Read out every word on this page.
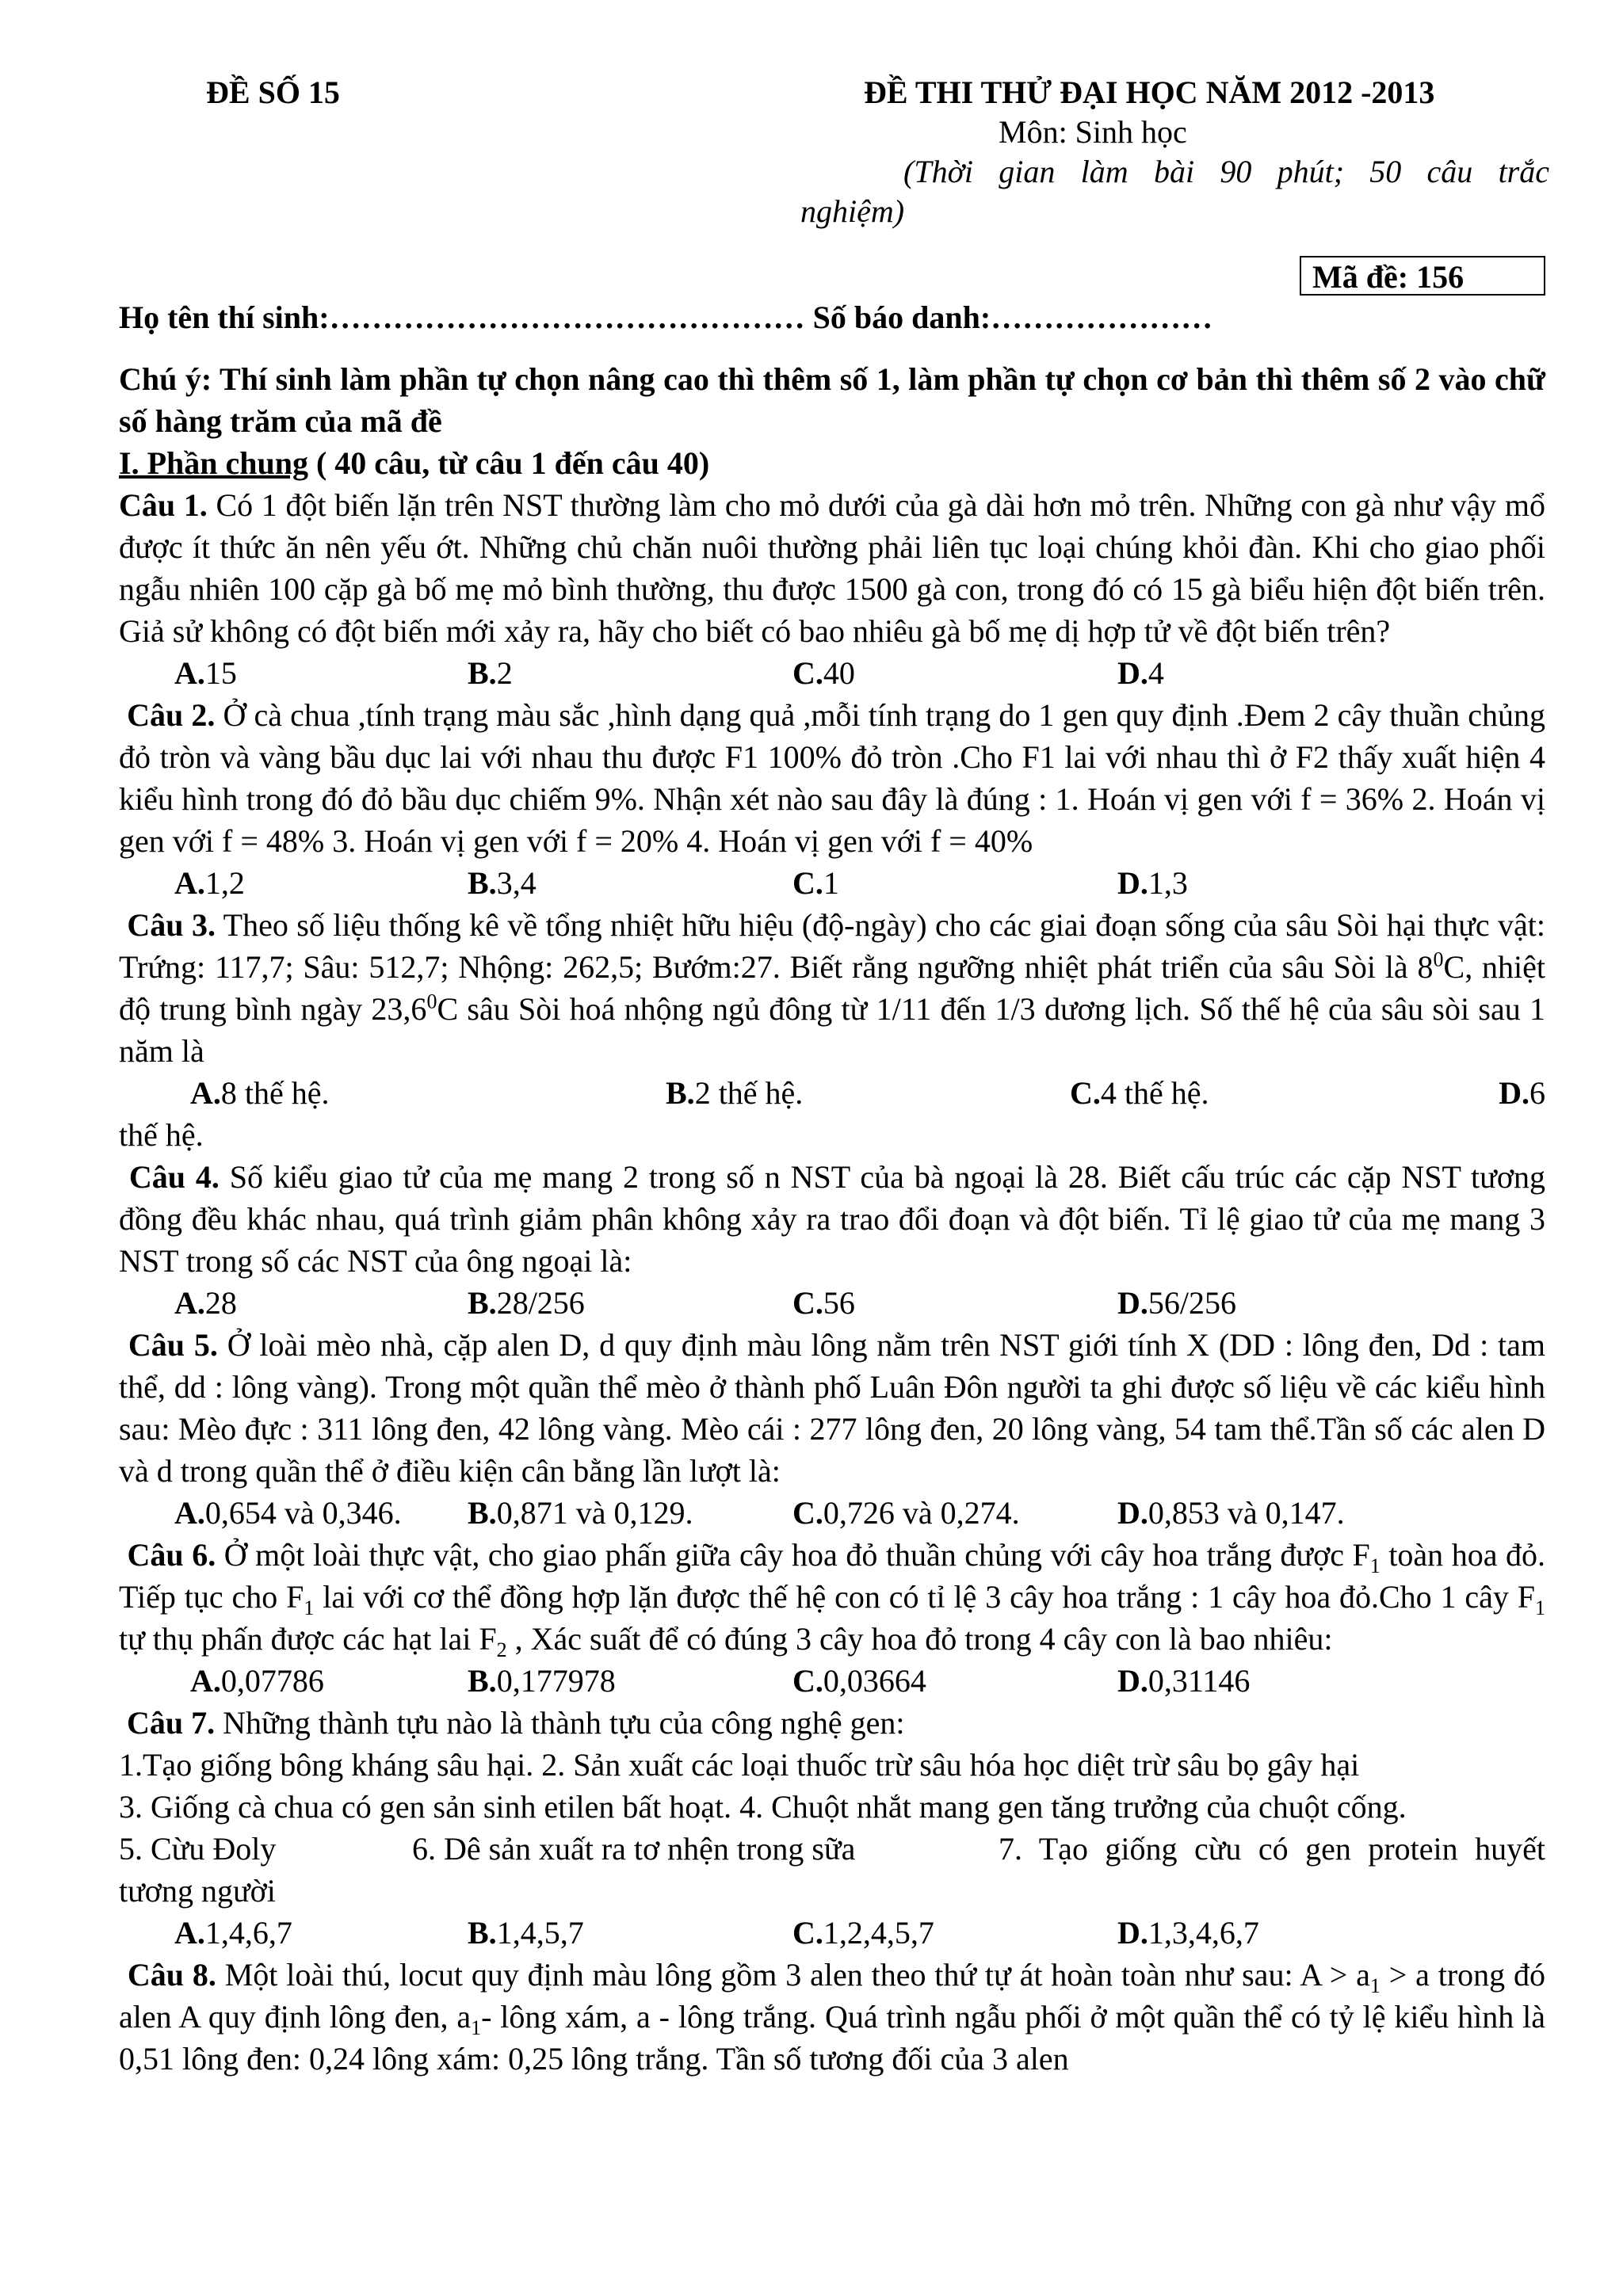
ĐỀ SỐ 15	ĐỀ THI THỬ ĐẠI HỌC NĂM 2012 -2013
Môn: Sinh học
(Thời gian làm bài 90 phút; 50 câu trắc
nghiệm)
Mã đề: 156
Họ tên thí sinh:……………………………………… Số báo danh:…………………

Chú ý: Thí sinh làm phần tự chọn nâng cao thì thêm số 1, làm phần tự chọn cơ bản thì thêm số 2 vào chữ số hàng trăm của mã đề

I. Phần chung ( 40 câu, từ câu 1 đến câu 40)

Câu 1. Có 1 đột biến lặn trên NST thường làm cho mỏ dưới của gà dài hơn mỏ trên. Những con gà như vậy mổ được ít thức ăn nên yếu ớt. Những chủ chăn nuôi thường phải liên tục loại chúng khỏi đàn. Khi cho giao phối ngẫu nhiên 100 cặp gà bố mẹ mỏ bình thường, thu được 1500 gà con, trong đó có 15 gà biểu hiện đột biến trên. Giả sử không có đột biến mới xảy ra, hãy cho biết có bao nhiêu gà bố mẹ dị hợp tử về đột biến trên?

A.15	B.2	C.40	D.4

Câu 2. Ở cà chua ,tính trạng màu sắc ,hình dạng quả ,mỗi tính trạng do 1 gen quy định .Đem 2 cây thuần chủng đỏ tròn và vàng bầu dục lai với nhau thu được F1 100% đỏ tròn .Cho F1 lai với nhau thì ở F2 thấy xuất hiện 4 kiểu hình trong đó đỏ bầu dục chiếm 9%. Nhận xét nào sau đây là đúng : 1. Hoán vị gen với f = 36% 2. Hoán vị gen với f = 48% 3. Hoán vị gen với f = 20% 4. Hoán vị gen với f = 40%

A.1,2	B.3,4	C.1	D.1,3

Câu 3. Theo số liệu thống kê về tổng nhiệt hữu hiệu (độ-ngày) cho các giai đoạn sống của sâu Sòi hại thực vật: Trứng: 117,7; Sâu: 512,7; Nhộng: 262,5; Bướm:27. Biết rằng ngưỡng nhiệt phát triển của sâu Sòi là $8^0C$, nhiệt độ trung bình ngày 23,6$^0$C sâu Sòi hoá nhộng ngủ đông từ 1/11 đến 1/3 dương lịch. Số thế hệ của sâu sòi sau 1 năm là

A.8 thế hệ.	B.2 thế hệ.	C.4 thế hệ.	D.6

thế hệ.

Câu 4. Số kiểu giao tử của mẹ mang 2 trong số n NST của bà ngoại là 28. Biết cấu trúc các cặp NST tương đồng đều khác nhau, quá trình giảm phân không xảy ra trao đổi đoạn và đột biến. Tỉ lệ giao tử của mẹ mang 3 NST trong số các NST của ông ngoại là:

A.28	B.28/256	C.56	D.56/256

Câu 5. Ở loài mèo nhà, cặp alen D, d quy định màu lông nằm trên NST giới tính X (DD : lông đen, Dd : tam thể, dd : lông vàng). Trong một quần thể mèo ở thành phố Luân Đôn người ta ghi được số liệu về các kiểu hình sau: Mèo đực : 311 lông đen, 42 lông vàng. Mèo cái : 277 lông đen, 20 lông vàng, 54 tam thể.Tần số các alen D và d trong quần thể ở điều kiện cân bằng lần lượt là:

A.0,654 và 0,346.	B.0,871 và 0,129.	C.0,726 và 0,274.	D.0,853 và 0,147.

Câu 6. Ở một loài thực vật, cho giao phấn giữa cây hoa đỏ thuần chủng với cây hoa trắng được $F_1$ toàn hoa đỏ. Tiếp tục cho $F_1$ lai với cơ thể đồng hợp lặn được thế hệ con có tỉ lệ 3 cây hoa trắng : 1 cây hoa đỏ.Cho 1 cây $F_1$ tự thụ phấn được các hạt lai $F_2$ , Xác suất để có đúng 3 cây hoa đỏ trong 4 cây con là bao nhiêu:

A.0,07786	B.0,177978	C.0,03664	D.0,31146

Câu 7. Những thành tựu nào là thành tựu của công nghệ gen:

1.Tạo giống bông kháng sâu hại. 2. Sản xuất các loại thuốc trừ sâu hóa học diệt trừ sâu bọ gây hại

3. Giống cà chua có gen sản sinh etilen bất hoạt. 4. Chuột nhắt mang gen tăng trưởng của chuột cống.

5. Cừu Đoly	6. Dê sản xuất ra tơ nhện trong sữa	7. Tạo giống cừu có gen protein huyết tương người

A.1,4,6,7	B.1,4,5,7	C.1,2,4,5,7	D.1,3,4,6,7

Câu 8. Một loài thú, locut quy định màu lông gồm 3 alen theo thứ tự át hoàn toàn như sau: $A > a_1 > a$ trong đó alen A quy định lông đen, $a_1-$ lông xám, a - lông trắng. Quá trình ngẫu phối ở một quần thể có tỷ lệ kiểu hình là 0,51 lông đen: 0,24 lông xám: 0,25 lông trắng. Tần số tương đối của 3 alen
